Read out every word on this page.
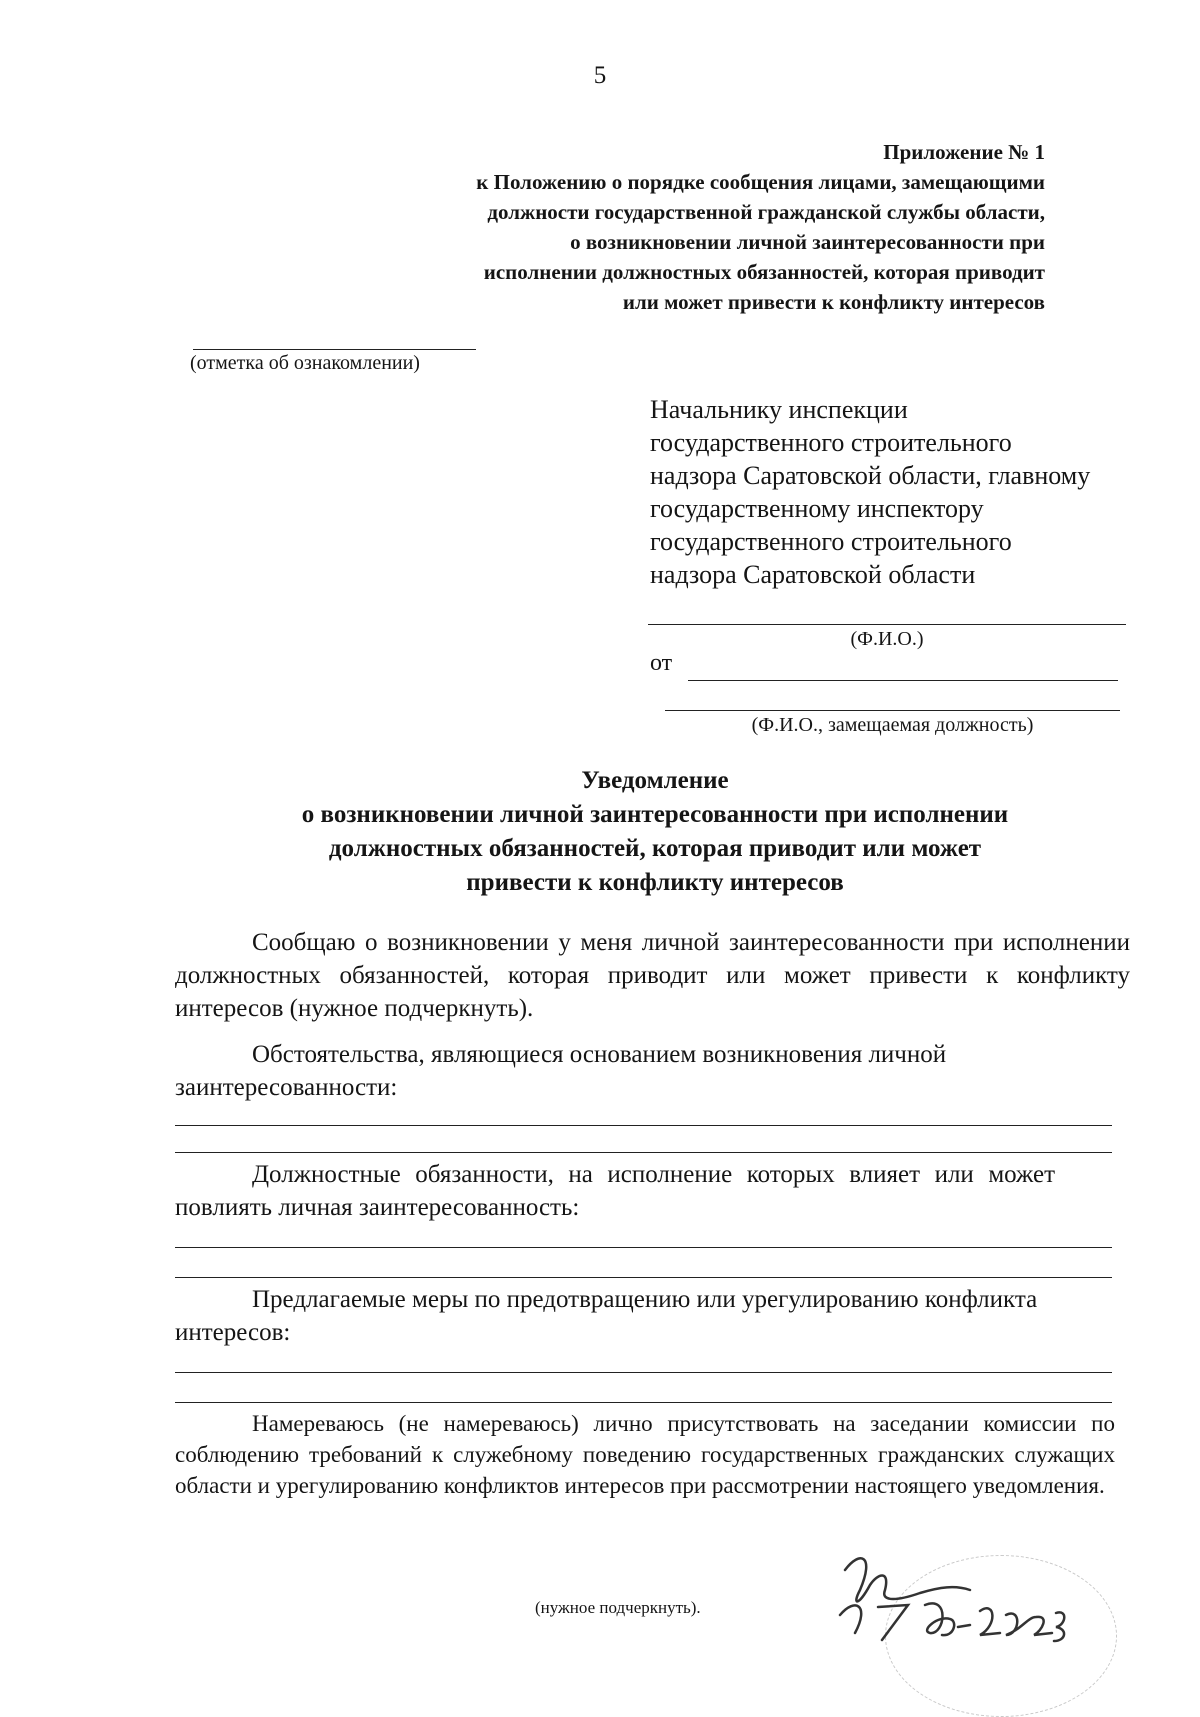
5
Приложение № 1
к Положению о порядке сообщения лицами, замещающими
должности государственной гражданской службы области,
о возникновении личной заинтересованности при
исполнении должностных обязанностей, которая приводит
или может привести к конфликту интересов
(отметка об ознакомлении)
Начальнику инспекции
государственного строительного
надзора Саратовской области, главному
государственному инспектору
государственного строительного
надзора Саратовской области
(Ф.И.О.)
от
(Ф.И.О., замещаемая должность)
Уведомление
о возникновении личной заинтересованности при исполнении
должностных обязанностей, которая приводит или может
привести к конфликту интересов
Сообщаю о возникновении у меня личной заинтересованности при исполнении должностных обязанностей, которая приводит или может привести к конфликту интересов (нужное подчеркнуть).
Обстоятельства, являющиеся основанием возникновения личной заинтересованности:
Должностные обязанности, на исполнение которых влияет или может повлиять личная заинтересованность:
Предлагаемые меры по предотвращению или урегулированию конфликта интересов:
Намереваюсь (не намереваюсь) лично присутствовать на заседании комиссии по соблюдению требований к служебному поведению государственных гражданских служащих области и урегулированию конфликтов интересов при рассмотрении настоящего уведомления.
(нужное подчеркнуть).
